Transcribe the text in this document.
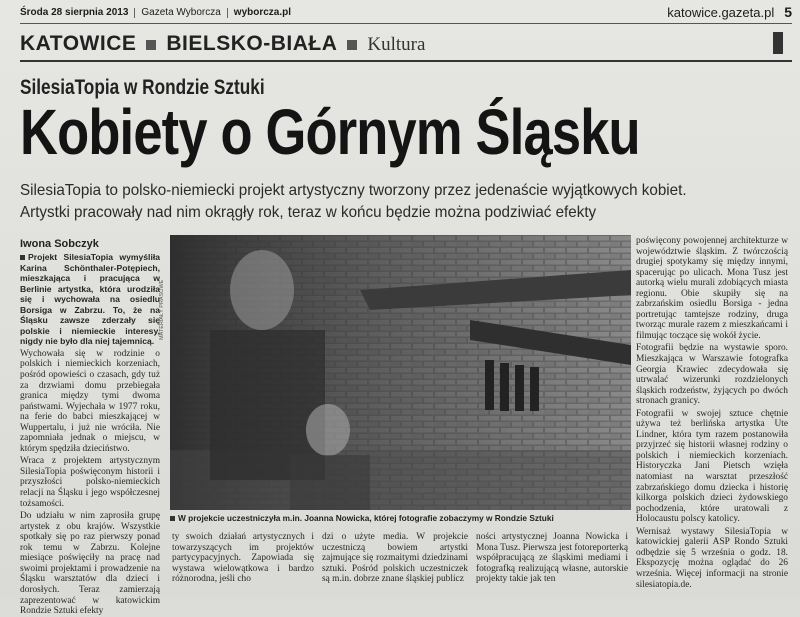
Środa 28 sierpnia 2013 Gazeta Wyborcza wyborcza.pl	katowice.gazeta.pl 5
KATOWICE BIELSKO-BIAŁA Kultura
SilesiaTopia w Rondzie Sztuki
Kobiety o Górnym Śląsku
SilesiaTopia to polsko-niemiecki projekt artystyczny tworzony przez jedenaście wyjątkowych kobiet.
Artystki pracowały nad nim okrągły rok, teraz w końcu będzie można podziwiać efekty
Iwona Sobczyk

Projekt SilesiaTopia wymyśliła Karina Schönthaler-Potępiech, mieszkająca i pracująca w Berlinie artystka, która urodziła się i wychowała na osiedlu Borsiga w Zabrzu. To, że na Śląsku zawsze zderzały się polskie i niemieckie interesy, nigdy nie było dla niej tajemnicą.

Wychowała się w rodzinie o polskich i niemieckich korzeniach, pośród opowieści o czasach, gdy tuż za drzwiami domu przebiegała granica między tymi dwoma państwami. Wyjechała w 1977 roku, na ferie do babci mieszkającej w Wuppertalu, i już nie wróciła. Nie zapomniała jednak o miejscu, w którym spędziła dzieciństwo.

Wraca z projektem artystycznym SilesiaTopia poświęconym historii i przyszłości polsko-niemieckich relacji na Śląsku i jego współczesnej tożsamości.

Do udziału w nim zaprosiła grupę artystek z obu krajów. Wszystkie spotkały się po raz pierwszy ponad rok temu w Zabrzu. Kolejne miesiące poświęciły na pracę nad swoimi projektami i prowadzenie na Śląsku warsztatów dla dzieci i dorosłych. Teraz zamierzają zaprezentować w katowickim Rondzie Sztuki efekty

MATERIAŁY PRASOWE
W projekcie uczestniczyła m.in. Joanna Nowicka, której fotografie zobaczymy w Rondzie Sztuki

poświęcony powojennej architekturze w województwie śląskim. Z twórczością drugiej spotykamy się między innymi, spacerując po ulicach. Mona Tusz jest autorką wielu murali zdobiących miasta regionu. Obie skupiły się na zabrzańskim osiedlu Borsiga - jedna portretując tamtejsze rodziny, druga tworząc murale razem z mieszkańcami i filmując toczące się wokół życie.

Fotografii będzie na wystawie sporo. Mieszkająca w Warszawie fotografka Georgia Krawiec zdecydowała się utrwalać wizerunki rozdzielonych śląskich rodzeństw, żyjących po dwóch stronach granicy.

Fotografii w swojej sztuce chętnie używa też berlińska artystka Ute Lindner, która tym razem postanowiła przyjrzeć się historii własnej rodziny o polskich i niemieckich korzeniach. Historyczka Jani Pietsch wzięła natomiast na warsztat przeszłość zabrzańskiego domu dziecka i historię kilkorga polskich dzieci żydowskiego pochodzenia, które uratowali z Holocaustu polscy katolicy.

Wernisaż wystawy SilesiaTopia w katowickiej galerii ASP Rondo Sztuki odbędzie się 5 września o godz. 18. Ekspozycję można oglądać do 26 września. Więcej informacji na stronie silesiatopia.de.

ty swoich działań artystycznych i towarzyszących im projektów partycypacyjnych. Zapowiada się wystawa wielowątkowa i bardzo różnorodna, jeśli cho
dzi o użyte media. W projekcie uczestniczą bowiem artystki zajmujące się rozmaitymi dziedzinami sztuki. Pośród polskich uczestniczek są m.in. dobrze znane śląskiej publicz
ności artystycznej Joanna Nowicka i Mona Tusz. Pierwsza jest fotoreporterką współpracującą ze śląskimi mediami i fotografką realizującą własne, autorskie projekty takie jak ten
